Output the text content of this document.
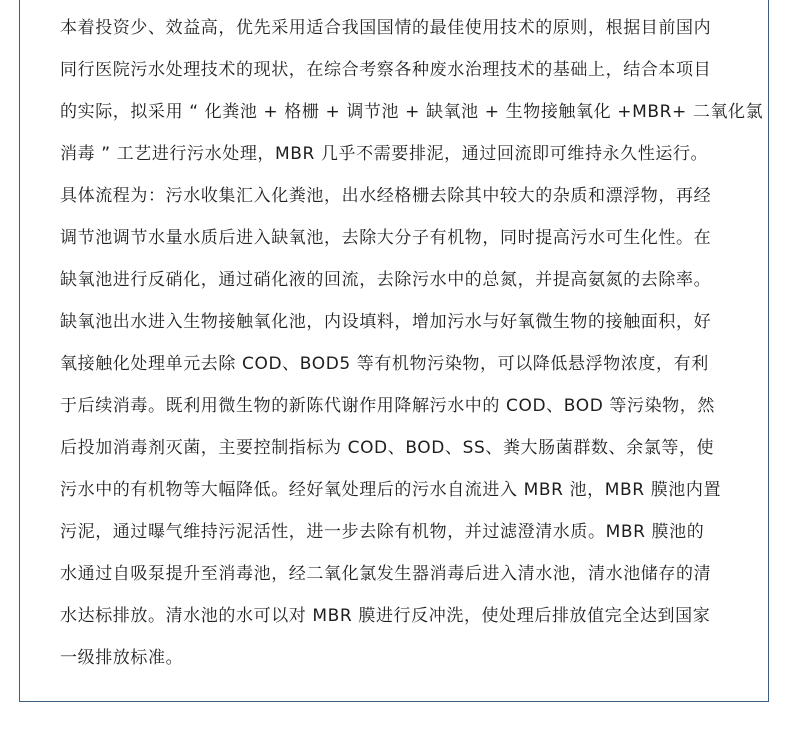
本着投资少、效益高，优先采用适合我国国情的最佳使用技术的原则，根据目前国内
同行医院污水处理技术的现状，在综合考察各种废水治理技术的基础上，结合本项目
的实际，拟采用 “ 化粪池 + 格栅 + 调节池 + 缺氧池 + 生物接触氧化 +MBR+ 二氧化氯
消毒 ” 工艺进行污水处理，MBR 几乎不需要排泥，通过回流即可维持永久性运行。
具体流程为：污水收集汇入化粪池，出水经格栅去除其中较大的杂质和漂浮物，再经
调节池调节水量水质后进入缺氧池，去除大分子有机物，同时提高污水可生化性。在
缺氧池进行反硝化，通过硝化液的回流，去除污水中的总氮，并提高氨氮的去除率。
缺氧池出水进入生物接触氧化池，内设填料，增加污水与好氧微生物的接触面积，好
氧接触化处理单元去除 COD、BOD5 等有机物污染物，可以降低悬浮物浓度，有利
于后续消毒。既利用微生物的新陈代谢作用降解污水中的 COD、BOD 等污染物，然
后投加消毒剂灭菌，主要控制指标为 COD、BOD、SS、粪大肠菌群数、余氯等，使
污水中的有机物等大幅降低。经好氧处理后的污水自流进入 MBR 池，MBR 膜池内置
污泥，通过曝气维持污泥活性，进一步去除有机物，并过滤澄清水质。MBR 膜池的
水通过自吸泵提升至消毒池，经二氧化氯发生器消毒后进入清水池，清水池储存的清
水达标排放。清水池的水可以对 MBR 膜进行反冲洗，使处理后排放值完全达到国家
一级排放标准。
